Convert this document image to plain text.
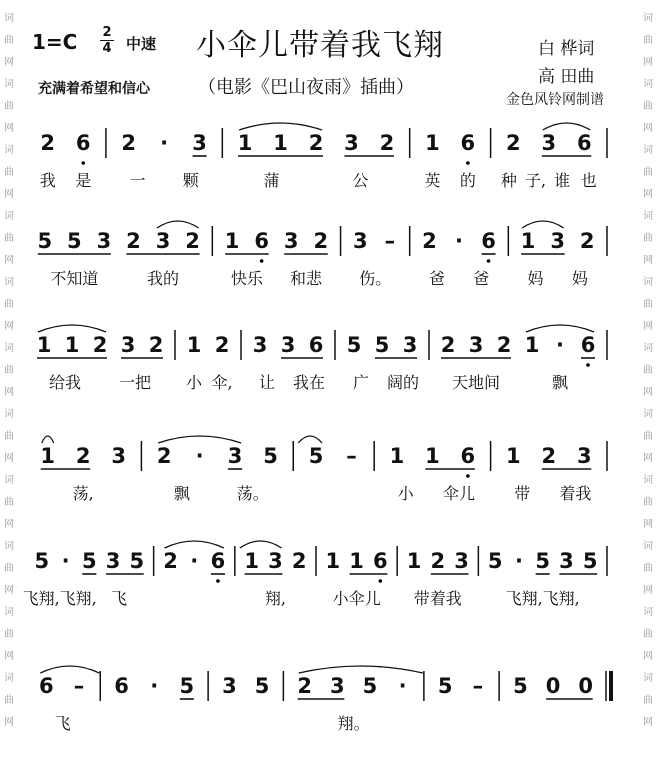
词
曲
网
词
曲
网
词
曲
网
词
曲
网
词
曲
网
词
曲
网
词
曲
网
词
曲
网
词
曲
网
词
曲
网
词
曲
网
词
曲
网
词
曲
网
词
曲
网
词
曲
网
词
曲
网
词
曲
网
词
曲
网
词
曲
网
词
曲
网
词
曲
网
词
曲
网
1=C 2
4 中速 小伞儿带着我飞翔
充满着希望和信心	（电影《巴山夜雨》插曲）
白 桦词
高 田曲
金色风铃网制谱
2 6
我 是
2 · 3
一 颗
1 1 2 3 2
蒲	公
1 6
英 的
2 3 6
种 子, 谁 也
5 5 3 2 3 2
不知道	我的
1 6 3 2
快乐 和悲
3 –
伤。
2 · 6
爸 爸
1 3 2
妈 妈
1 1 2 3 2
给我 一把
1 2
小 伞,
3 3 6
让 我在
5 5 3
广 阔的
2 3 2 1 · 6
天地间	飘
1 2 3
荡,
2 · 3 5
飘	荡。
5 – 1 1 6
小 伞儿
1 2 3
带 着我
5 · 5 3 5
飞翔,飞翔, 飞
2 · 6 1 3 2
翔,
1 1 6
小伞儿
1 2 3
带着我
5 · 5 3 5
飞翔,飞翔,
6 –
飞
6 · 5 3 5 2 3 5 ·
翔。
5 – 5 0 0
